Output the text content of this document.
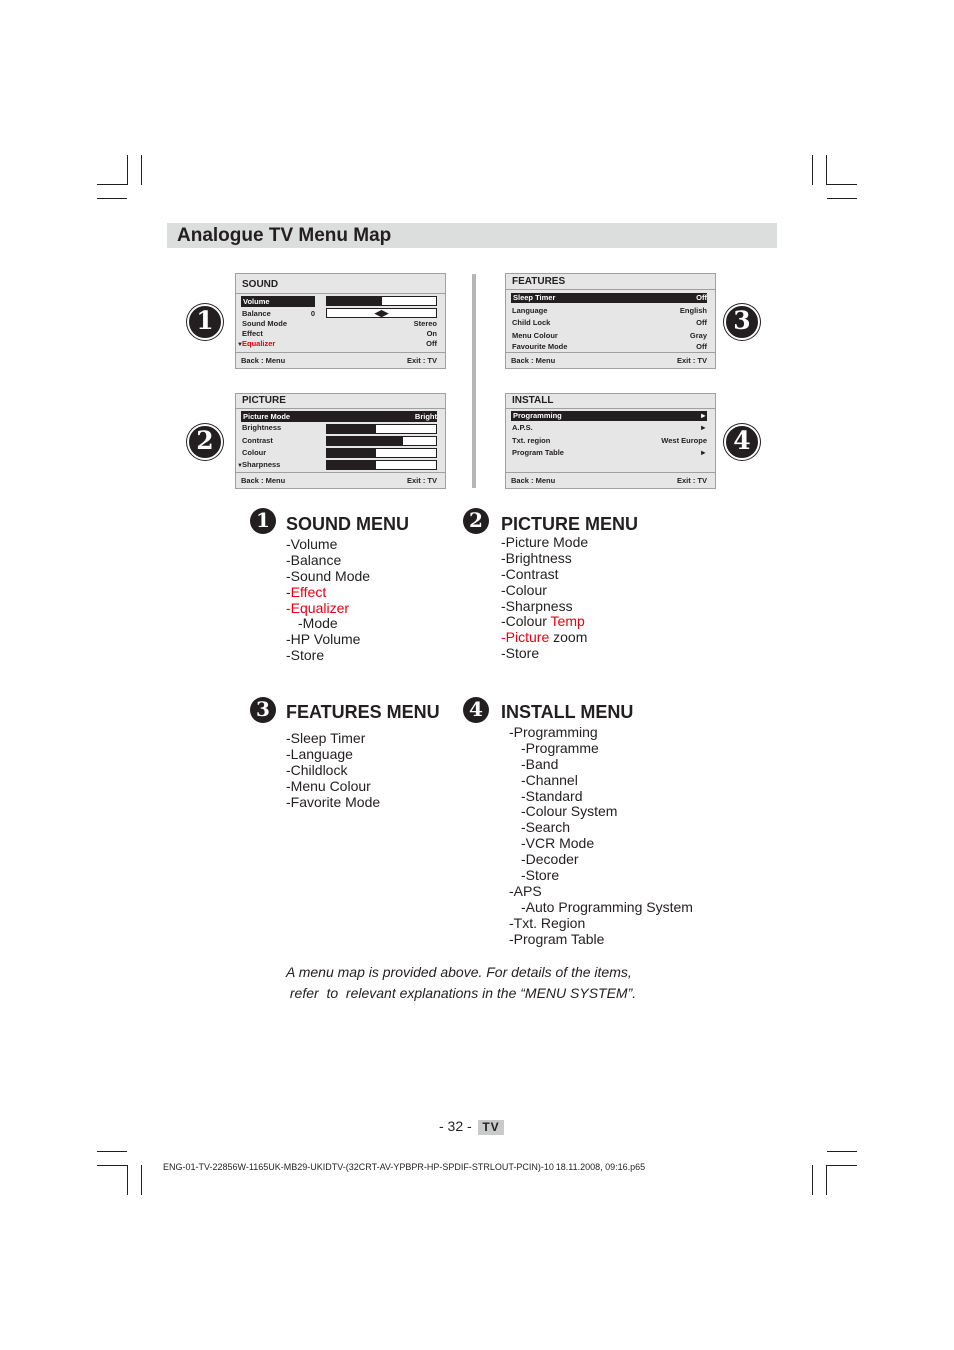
Analogue TV Menu Map
SOUND
Volume
Balance	0	◀▶
Sound Mode	Stereo
Effect	On
▼ Equalizer	Off
Back : Menu	Exit : TV
PICTURE
Picture Mode	Bright
Brightness
Contrast
Colour
▼ Sharpness
Back : Menu	Exit : TV
FEATURES
Sleep Timer	Off
Language	English
Child Lock	Off
Menu Colour	Gray
Favourite Mode	Off
Back : Menu	Exit : TV
INSTALL
Programming	►
A.P.S.	►
Txt. region	West Europe
Program Table	►
Back : Menu	Exit : TV
1
2
3
4
1 SOUND MENU
-Volume
-Balance
-Sound Mode
-Effect
-Equalizer
-Mode
-HP Volume
-Store
2	PICTURE MENU
-Picture Mode
-Brightness
-Contrast
-Colour
-Sharpness
-Colour Temp
-Picture zoom
-Store
3 FEATURES MENU
-Sleep Timer
-Language
-Childlock
-Menu Colour
-Favorite Mode
4	INSTALL MENU
-Programming
-Programme
-Band
-Channel
-Standard
-Colour System
-Search
-VCR Mode
-Decoder
-Store
-APS
-Auto Programming System
-Txt. Region
-Program Table
A menu map is provided above. For details of the items,
refer  to  relevant explanations in the “MENU SYSTEM”.
- 32 - TV
ENG-01-TV-22856W-1165UK-MB29-UKIDTV-(32CRT-AV-YPBPR-HP-SPDIF-STRLOUT-PCIN)-10 18.11.2008, 09:16.p65
